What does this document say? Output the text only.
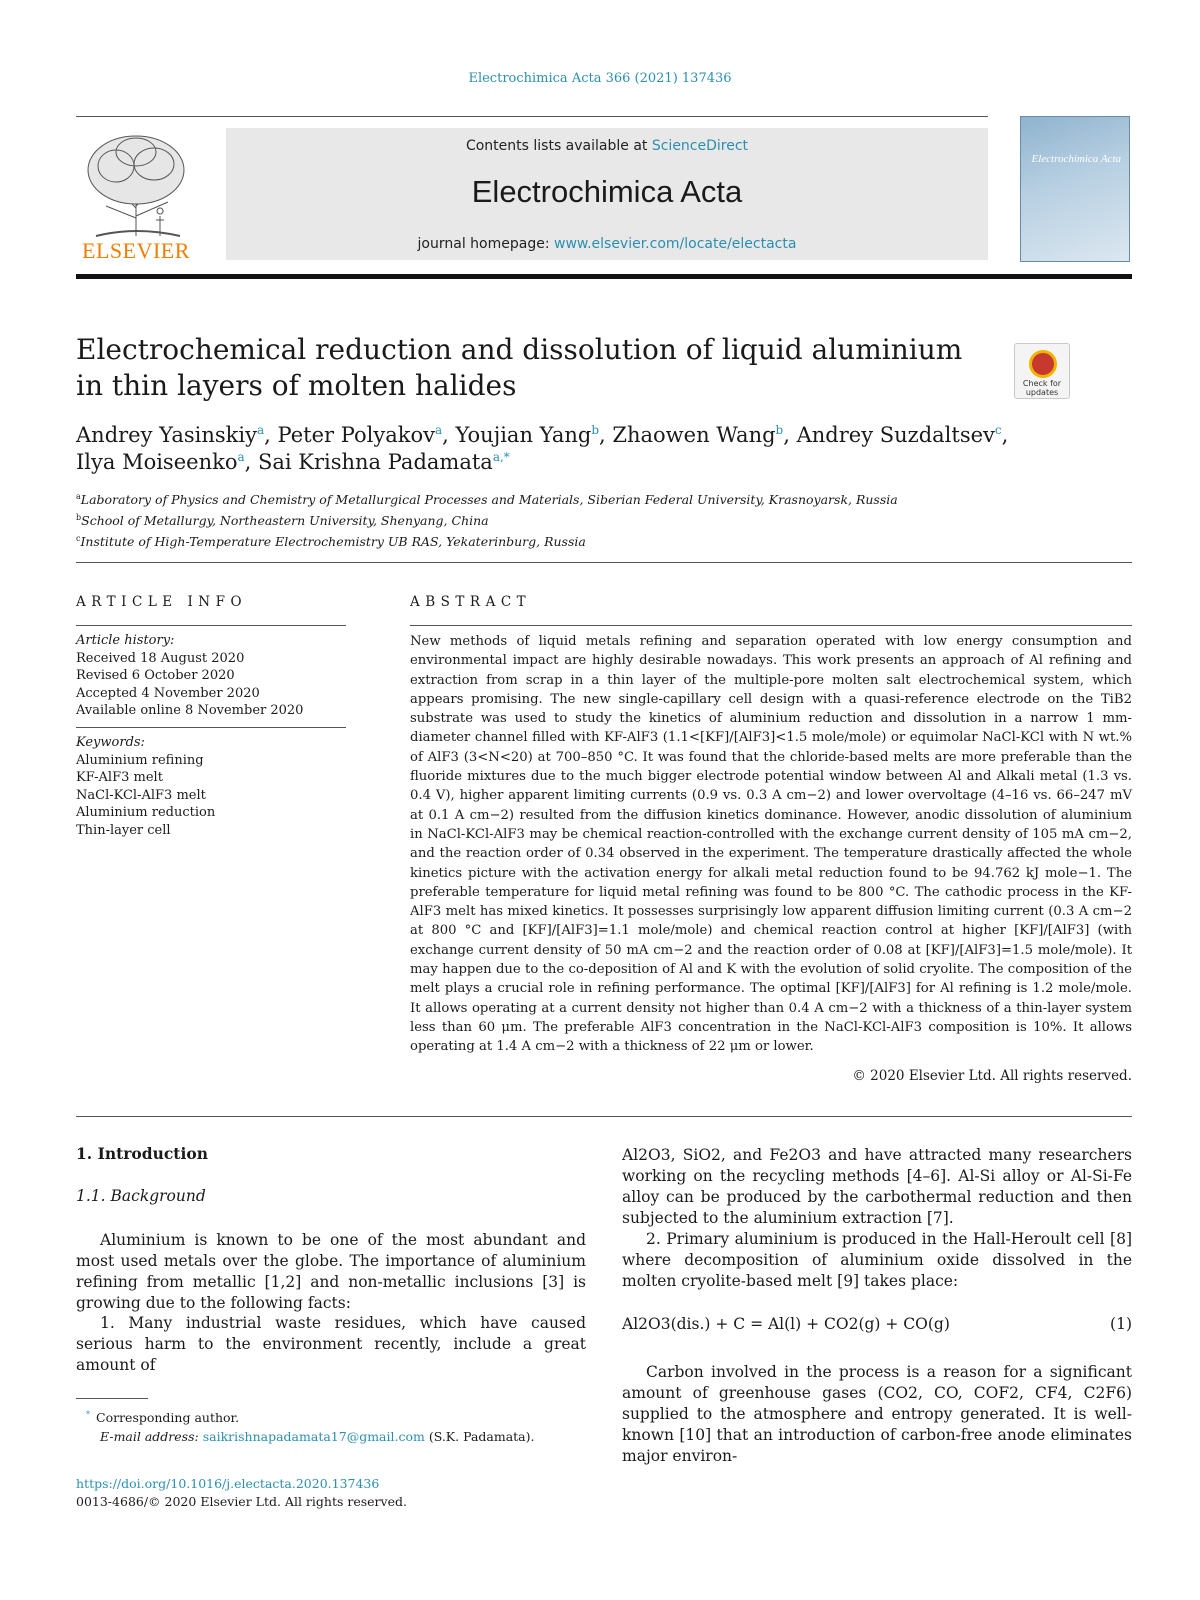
Electrochimica Acta 366 (2021) 137436
ELSEVIER
Contents lists available at ScienceDirect
Electrochimica Acta
journal homepage: www.elsevier.com/locate/electacta
Electrochimica Acta
Electrochemical reduction and dissolution of liquid aluminium in thin layers of molten halides	Check for updates
Andrey Yasinskiy$^a$, Peter Polyakov$^a$, Youjian Yang$^b$, Zhaowen Wang$^b$, Andrey Suzdaltsev$^c$,
Ilya Moiseenko$^a$, Sai Krishna Padamata$^{a,*}$
$^a$Laboratory of Physics and Chemistry of Metallurgical Processes and Materials, Siberian Federal University, Krasnoyarsk, Russia
$^b$School of Metallurgy, Northeastern University, Shenyang, China
$^c$Institute of High-Temperature Electrochemistry UB RAS, Yekaterinburg, Russia
ARTICLE INFO
Article history:
Received 18 August 2020
Revised 6 October 2020
Accepted 4 November 2020
Available online 8 November 2020
Keywords:
Aluminium refining
KF-AlF3 melt
NaCl-KCl-AlF3 melt
Aluminium reduction
Thin-layer cell
ABSTRACT

New methods of liquid metals refining and separation operated with low energy consumption and environmental impact are highly desirable nowadays. This work presents an approach of Al refining and extraction from scrap in a thin layer of the multiple-pore molten salt electrochemical system, which appears promising. The new single-capillary cell design with a quasi-reference electrode on the TiB2 substrate was used to study the kinetics of aluminium reduction and dissolution in a narrow 1 mm-diameter channel filled with KF-AlF3 (1.1<[KF]/[AlF3]<1.5 mole/mole) or equimolar NaCl-KCl with N wt.% of AlF3 (3<N<20) at 700–850 °C. It was found that the chloride-based melts are more preferable than the fluoride mixtures due to the much bigger electrode potential window between Al and Alkali metal (1.3 vs. 0.4 V), higher apparent limiting currents (0.9 vs. 0.3 A cm−2) and lower overvoltage (4–16 vs. 66–247 mV at 0.1 A cm−2) resulted from the diffusion kinetics dominance. However, anodic dissolution of aluminium in NaCl-KCl-AlF3 may be chemical reaction-controlled with the exchange current density of 105 mA cm−2, and the reaction order of 0.34 observed in the experiment. The temperature drastically affected the whole kinetics picture with the activation energy for alkali metal reduction found to be 94.762 kJ mole−1. The preferable temperature for liquid metal refining was found to be 800 °C. The cathodic process in the KF-AlF3 melt has mixed kinetics. It possesses surprisingly low apparent diffusion limiting current (0.3 A cm−2 at 800 °C and [KF]/[AlF3]=1.1 mole/mole) and chemical reaction control at higher [KF]/[AlF3] (with exchange current density of 50 mA cm−2 and the reaction order of 0.08 at [KF]/[AlF3]=1.5 mole/mole). It may happen due to the co-deposition of Al and K with the evolution of solid cryolite. The composition of the melt plays a crucial role in refining performance. The optimal [KF]/[AlF3] for Al refining is 1.2 mole/mole. It allows operating at a current density not higher than 0.4 A cm−2 with a thickness of a thin-layer system less than 60 μm. The preferable AlF3 concentration in the NaCl-KCl-AlF3 composition is 10%. It allows operating at 1.4 A cm−2 with a thickness of 22 μm or lower.

© 2020 Elsevier Ltd. All rights reserved.
1. Introduction
1.1. Background

Aluminium is known to be one of the most abundant and most used metals over the globe. The importance of aluminium refining from metallic [1,2] and non-metallic inclusions [3] is growing due to the following facts:

1. Many industrial waste residues, which have caused serious harm to the environment recently, include a great amount of

* Corresponding author.
E-mail address: saikrishnapadamata17@gmail.com (S.K. Padamata).
https://doi.org/10.1016/j.electacta.2020.137436
0013-4686/© 2020 Elsevier Ltd. All rights reserved.

Al2O3, SiO2, and Fe2O3 and have attracted many researchers working on the recycling methods [4–6]. Al-Si alloy or Al-Si-Fe alloy can be produced by the carbothermal reduction and then subjected to the aluminium extraction [7].

2. Primary aluminium is produced in the Hall-Heroult cell [8] where decomposition of aluminium oxide dissolved in the molten cryolite-based melt [9] takes place:

Al2O3(dis.) + C = Al(l) + CO2(g) + CO(g)	(1)

Carbon involved in the process is a reason for a significant amount of greenhouse gases (CO2, CO, COF2, CF4, C2F6) supplied to the atmosphere and entropy generated. It is well-known [10] that an introduction of carbon-free anode eliminates major environ-
